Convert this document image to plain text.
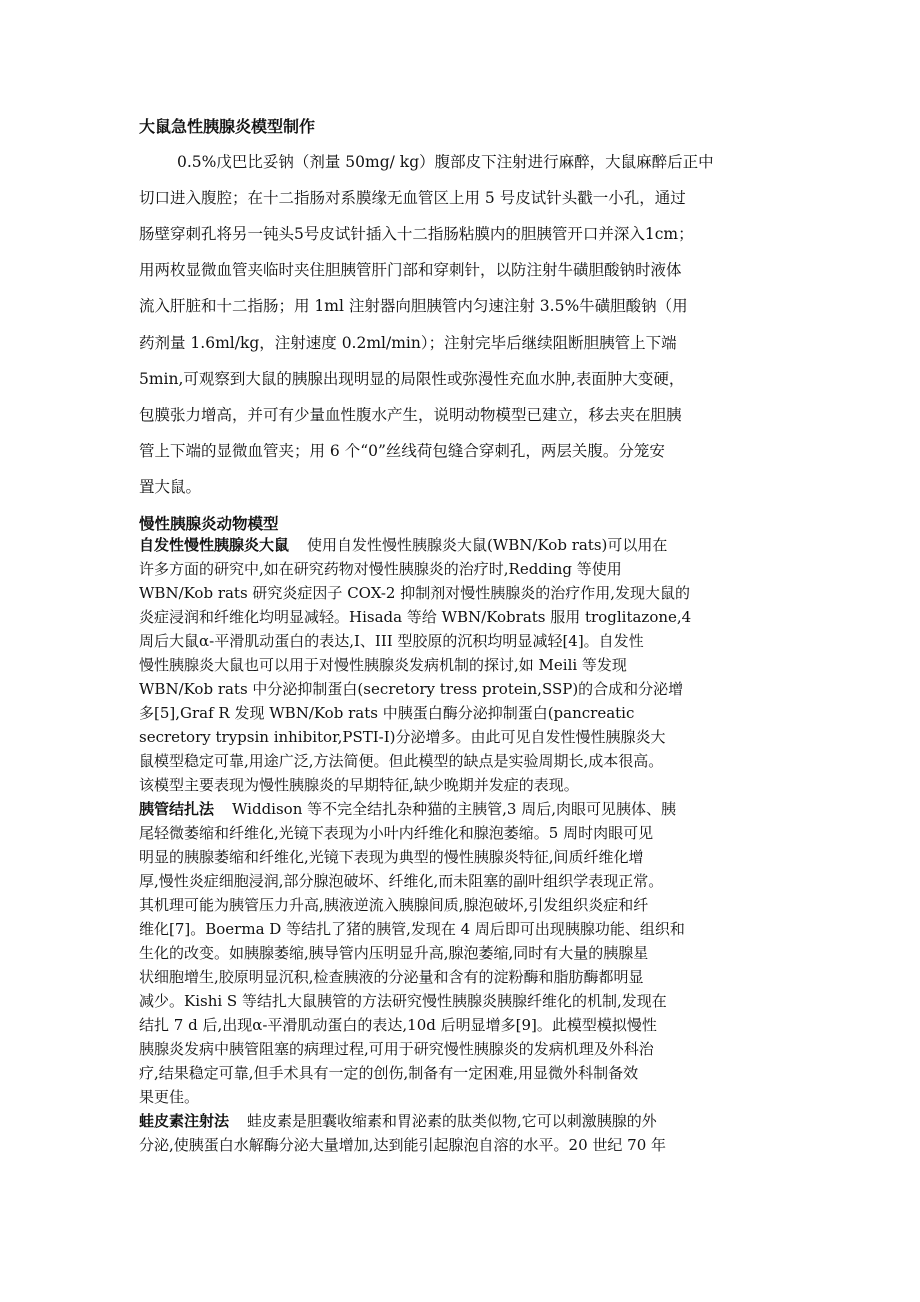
大鼠急性胰腺炎模型制作
0.5%戊巴比妥钠（剂量 50mg/ kg）腹部皮下注射进行麻醉，大鼠麻醉后正中
切口进入腹腔；在十二指肠对系膜缘无血管区上用 5 号皮试针头戳一小孔，通过
肠壁穿刺孔将另一钝头5号皮试针插入十二指肠粘膜内的胆胰管开口并深入1cm；
用两枚显微血管夹临时夹住胆胰管肝门部和穿刺针，以防注射牛磺胆酸钠时液体
流入肝脏和十二指肠；用 1ml 注射器向胆胰管内匀速注射 3.5%牛磺胆酸钠（用
药剂量 1.6ml/kg，注射速度 0.2ml/min）；注射完毕后继续阻断胆胰管上下端
5min,可观察到大鼠的胰腺出现明显的局限性或弥漫性充血水肿,表面肿大变硬，
包膜张力增高，并可有少量血性腹水产生，说明动物模型已建立，移去夹在胆胰
管上下端的显微血管夹；用 6 个“0”丝线荷包缝合穿刺孔，两层关腹。分笼安
置大鼠。
慢性胰腺炎动物模型
自发性慢性胰腺炎大鼠 使用自发性慢性胰腺炎大鼠(WBN/Kob rats)可以用在
许多方面的研究中,如在研究药物对慢性胰腺炎的治疗时,Redding 等使用
WBN/Kob rats 研究炎症因子 COX-2 抑制剂对慢性胰腺炎的治疗作用,发现大鼠的
炎症浸润和纤维化均明显减轻。Hisada 等给 WBN/Kobrats 服用 troglitazone,4
周后大鼠α-平滑肌动蛋白的表达,I、III 型胶原的沉积均明显减轻[4]。自发性
慢性胰腺炎大鼠也可以用于对慢性胰腺炎发病机制的探讨,如 Meili 等发现
WBN/Kob rats 中分泌抑制蛋白(secretory tress protein,SSP)的合成和分泌增
多[5],Graf R 发现 WBN/Kob rats 中胰蛋白酶分泌抑制蛋白(pancreatic
secretory trypsin inhibitor,PSTI-I)分泌增多。由此可见自发性慢性胰腺炎大
鼠模型稳定可靠,用途广泛,方法简便。但此模型的缺点是实验周期长,成本很高。
该模型主要表现为慢性胰腺炎的早期特征,缺少晚期并发症的表现。
胰管结扎法 Widdison 等不完全结扎杂种猫的主胰管,3 周后,肉眼可见胰体、胰
尾轻微萎缩和纤维化,光镜下表现为小叶内纤维化和腺泡萎缩。5 周时肉眼可见
明显的胰腺萎缩和纤维化,光镜下表现为典型的慢性胰腺炎特征,间质纤维化增
厚,慢性炎症细胞浸润,部分腺泡破坏、纤维化,而未阻塞的副叶组织学表现正常。
其机理可能为胰管压力升高,胰液逆流入胰腺间质,腺泡破坏,引发组织炎症和纤
维化[7]。Boerma D 等结扎了猪的胰管,发现在 4 周后即可出现胰腺功能、组织和
生化的改变。如胰腺萎缩,胰导管内压明显升高,腺泡萎缩,同时有大量的胰腺星
状细胞增生,胶原明显沉积,检查胰液的分泌量和含有的淀粉酶和脂肪酶都明显
减少。Kishi S 等结扎大鼠胰管的方法研究慢性胰腺炎胰腺纤维化的机制,发现在
结扎 7 d 后,出现α-平滑肌动蛋白的表达,10d 后明显增多[9]。此模型模拟慢性
胰腺炎发病中胰管阻塞的病理过程,可用于研究慢性胰腺炎的发病机理及外科治
疗,结果稳定可靠,但手术具有一定的创伤,制备有一定困难,用显微外科制备效
果更佳。
蛙皮素注射法 蛙皮素是胆囊收缩素和胃泌素的肽类似物,它可以刺激胰腺的外
分泌,使胰蛋白水解酶分泌大量增加,达到能引起腺泡自溶的水平。20 世纪 70 年
